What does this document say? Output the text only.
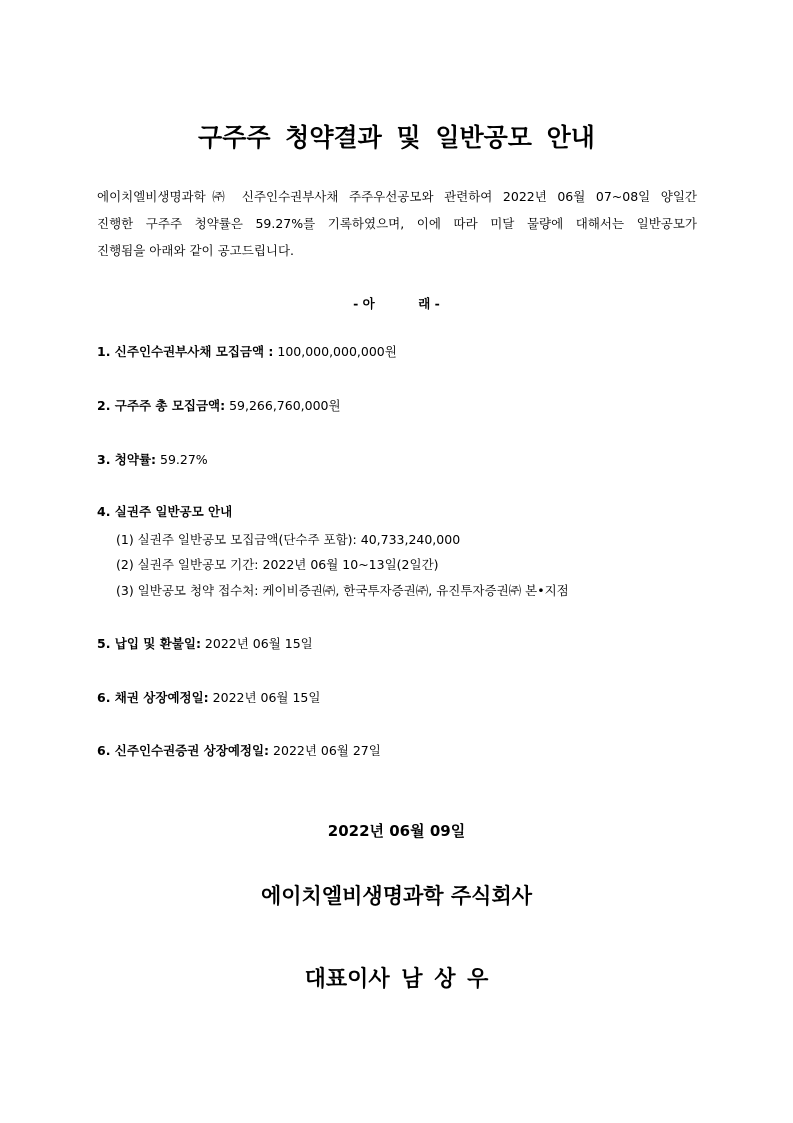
구주주 청약결과 및 일반공모 안내

에이치엘비생명과학㈜ 신주인수권부사채 주주우선공모와 관련하여 2022년 06월 07~08일 양일간
진행한 구주주 청약률은 59.27%를 기록하였으며, 이에 따라 미달 물량에 대해서는 일반공모가
진행됨을 아래와 같이 공고드립니다.

- 아          래 -

1. 신주인수권부사채 모집금액 : 100,000,000,000원

2. 구주주 총 모집금액: 59,266,760,000원

3. 청약률: 59.27%

4. 실권주 일반공모 안내

(1) 실권주 일반공모 모집금액(단수주 포함): 40,733,240,000

(2) 실권주 일반공모 기간: 2022년 06월 10~13일(2일간)

(3) 일반공모 청약 접수처: 케이비증권㈜, 한국투자증권㈜, 유진투자증권㈜ 본•지점

5. 납입 및 환불일: 2022년 06월 15일

6. 채권 상장예정일: 2022년 06월 15일

6. 신주인수권증권 상장예정일: 2022년 06월 27일

2022년 06월 09일

에이치엘비생명과학 주식회사

대표이사 남 상 우
